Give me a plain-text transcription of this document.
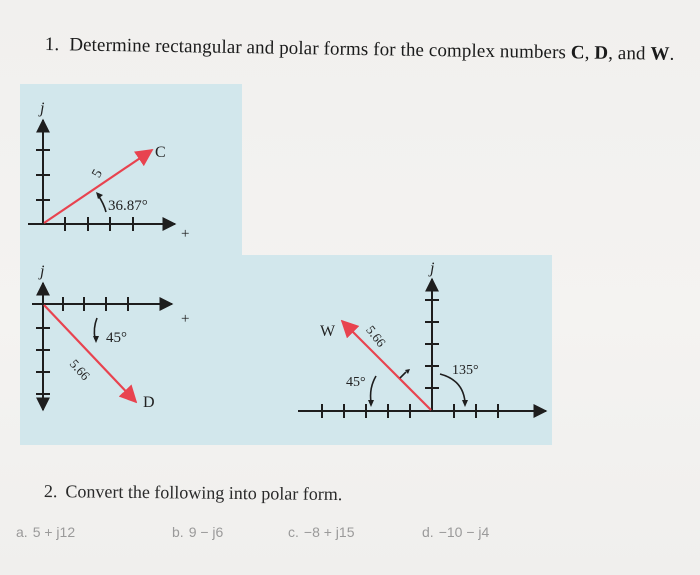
1. Determine rectangular and polar forms for the complex numbers C, D, and W.
j
+
C
5
36.87°
j
+
D
5.66
45°
j
W 5.66
45°
135°
2. Convert the following into polar form.
a. 5 + j12	b. 9 − j6	c. −8 + j15	d. −10 − j4
